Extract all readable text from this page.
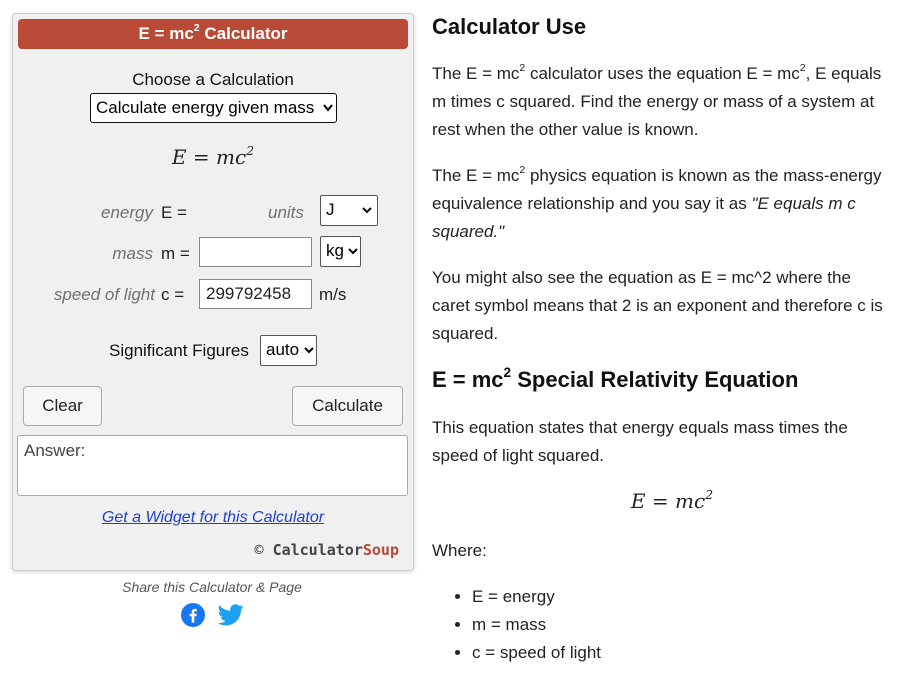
$E = mc^2$ Calculator
Choose a Calculation
Calculate energy given mass
$E = mc^2$
energy E =	units	J
mass m =	kg
speed of light c =	299792458	m/s
Significant Figures	auto
Clear	Calculate
Answer:
Get a Widget for this Calculator
© CalculatorSoup
Share this Calculator & Page
Calculator Use
The $E = mc^2$ calculator uses the equation $E = mc^2$, E equals m times c squared. Find the energy or mass of a system at rest when the other value is known.
The $E = mc^2$ physics equation is known as the mass-energy equivalence relationship and you say it as "E equals m c squared."
You might also see the equation as E = mc^2 where the caret symbol means that 2 is an exponent and therefore c is squared.
$E = mc^2$ Special Relativity Equation
This equation states that energy equals mass times the speed of light squared.
$E = mc^2$
Where:
• E = energy
• m = mass
• c = speed of light
